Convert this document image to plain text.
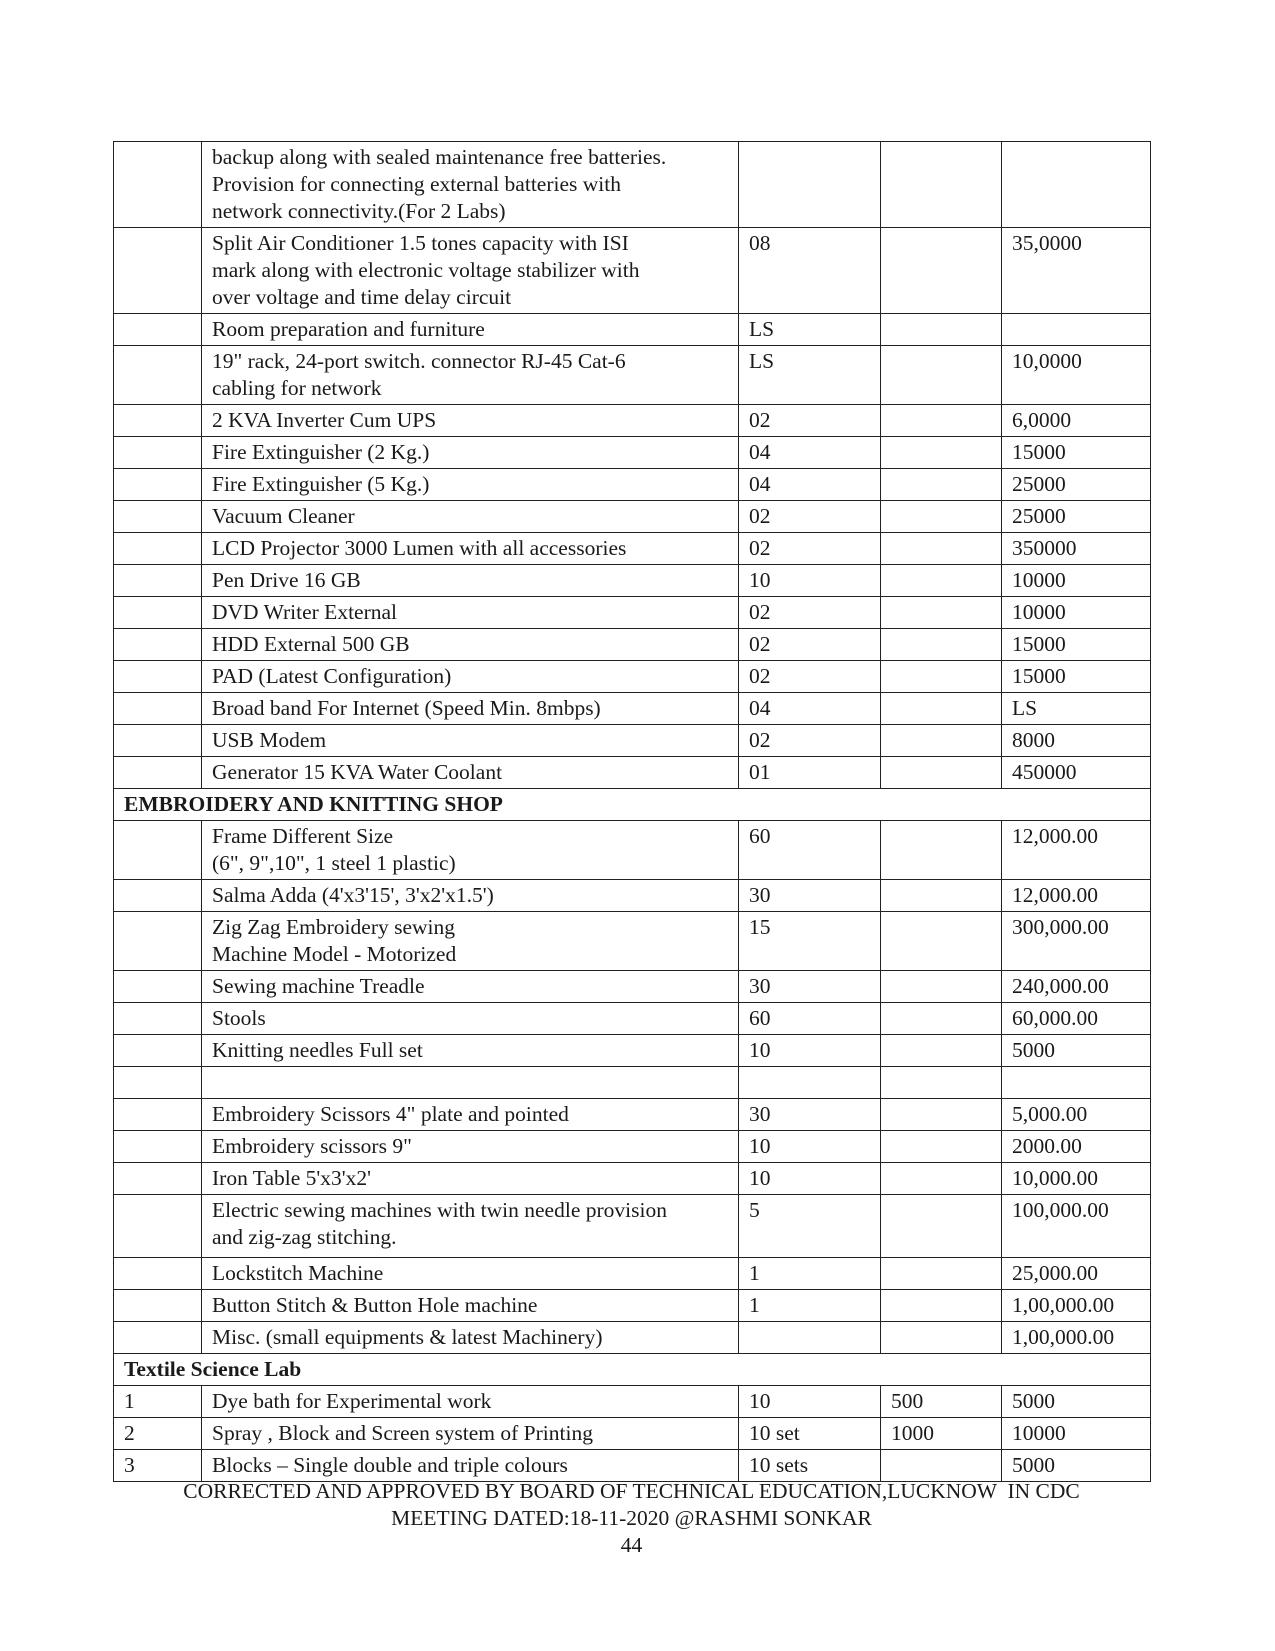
	backup along with sealed maintenance free batteries.
Provision for connecting external batteries with
network connectivity.(For 2 Labs)			
	Split Air Conditioner 1.5 tones capacity with ISI
mark along with electronic voltage stabilizer with
over voltage and time delay circuit	08		35,0000
	Room preparation and furniture	LS		
	19" rack, 24-port switch. connector RJ-45 Cat-6
cabling for network	LS		10,0000
	2 KVA Inverter Cum UPS	02		6,0000
	Fire Extinguisher (2 Kg.)	04		15000
	Fire Extinguisher (5 Kg.)	04		25000
	Vacuum Cleaner	02		25000
	LCD Projector 3000 Lumen with all accessories	02		350000
	Pen Drive 16 GB	10		10000
	DVD Writer External	02		10000
	HDD External 500 GB	02		15000
	PAD (Latest Configuration)	02		15000
	Broad band For Internet (Speed Min. 8mbps)	04		LS
	USB Modem	02		8000
	Generator 15 KVA Water Coolant	01		450000
EMBROIDERY AND KNITTING SHOP				
	Frame Different Size
(6", 9",10", 1 steel 1 plastic)	60		12,000.00
	Salma Adda (4'x3'15', 3'x2'x1.5')	30		12,000.00
	Zig Zag Embroidery sewing
Machine Model - Motorized	15		300,000.00
	Sewing machine Treadle	30		240,000.00
	Stools	60		60,000.00
	Knitting needles Full set	10		5000

	Embroidery Scissors 4" plate and pointed	30		5,000.00
	Embroidery scissors 9"	10		2000.00
	Iron Table 5'x3'x2'	10		10,000.00
	Electric sewing machines with twin needle provision
and zig-zag stitching.	5		100,000.00
	Lockstitch Machine	1		25,000.00
	Button Stitch & Button Hole machine	1		1,00,000.00
	Misc. (small equipments & latest Machinery)			1,00,000.00
Textile Science Lab				
1	Dye bath for Experimental work	10	500	5000
2	Spray , Block and Screen system of Printing	10 set	1000	10000
3	Blocks – Single double and triple colours	10 sets		5000
CORRECTED AND APPROVED BY BOARD OF TECHNICAL EDUCATION,LUCKNOW  IN CDC
MEETING DATED:18-11-2020 @RASHMI SONKAR
44
